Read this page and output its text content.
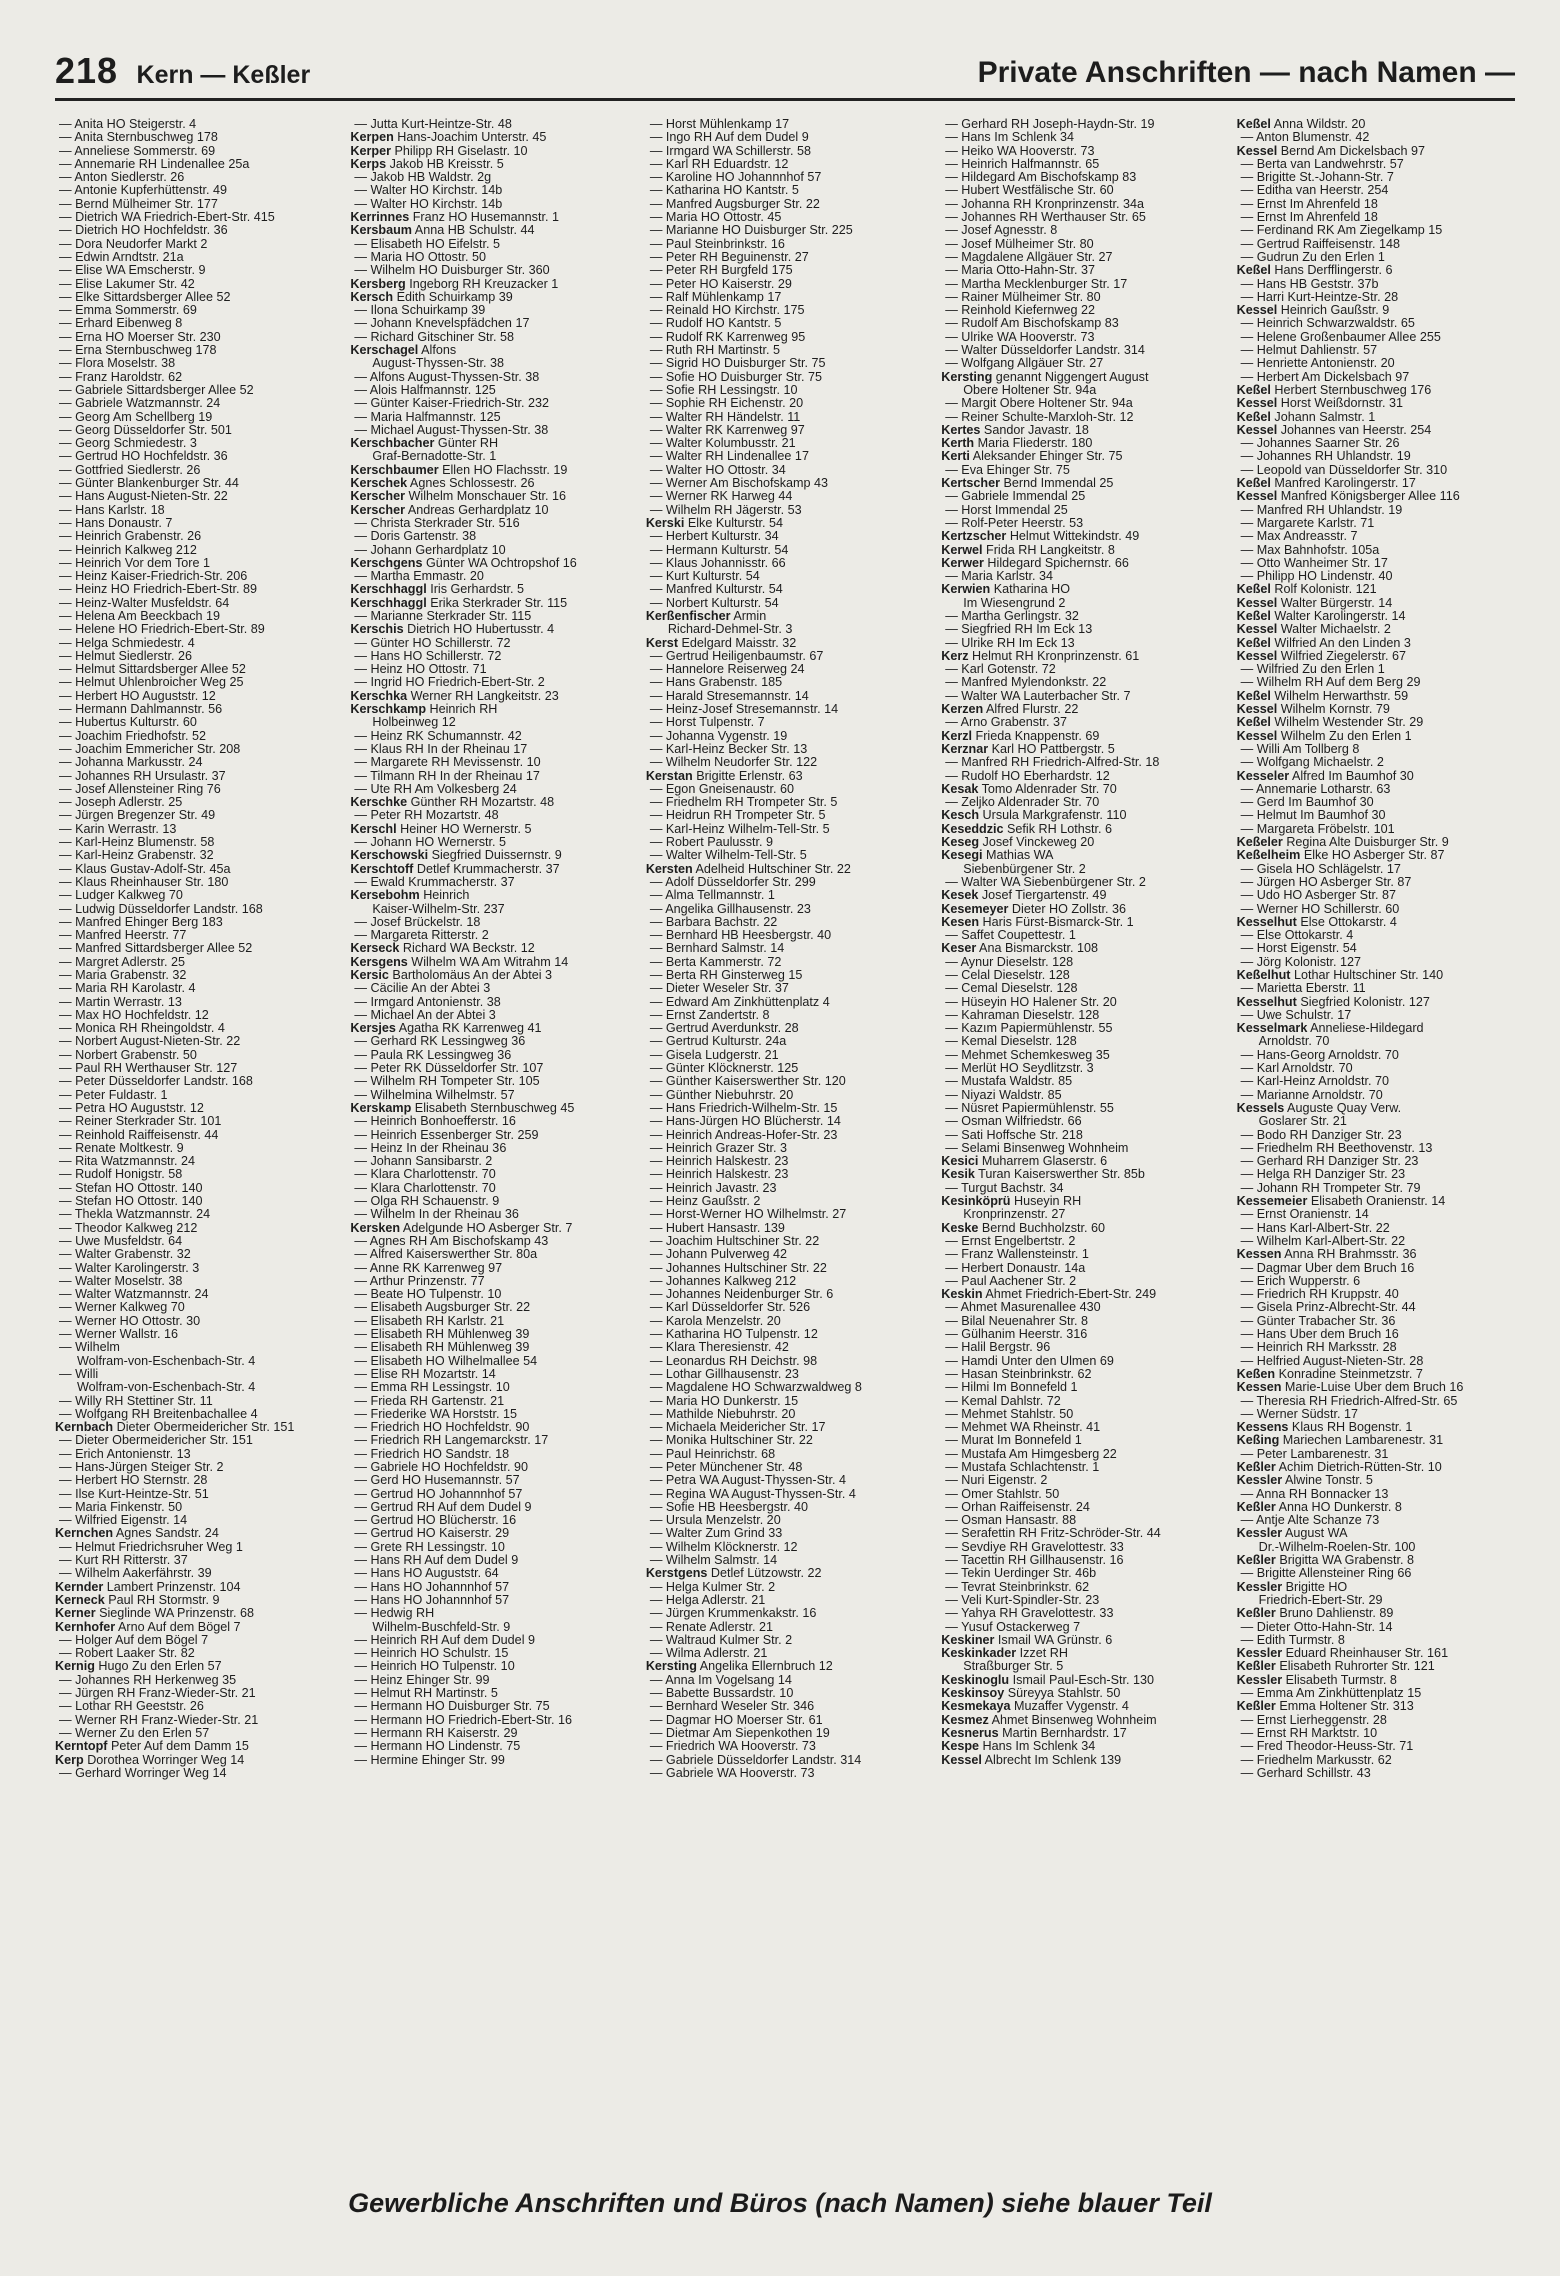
218 Kern — Keßler	Private Anschriften — nach Namen —
— Anita HO Steigerstr. 4
— Anita Sternbuschweg 178
— Anneliese Sommerstr. 69
— Annemarie RH Lindenallee 25a
— Anton Siedlerstr. 26
— Antonie Kupferhüttenstr. 49
— Bernd Mülheimer Str. 177
— Dietrich WA Friedrich-Ebert-Str. 415
— Dietrich HO Hochfeldstr. 36
— Dora Neudorfer Markt 2
— Edwin Arndtstr. 21a
— Elise WA Emscherstr. 9
— Elise Lakumer Str. 42
— Elke Sittardsberger Allee 52
— Emma Sommerstr. 69
— Erhard Eibenweg 8
— Erna HO Moerser Str. 230
— Erna Sternbuschweg 178
— Flora Moselstr. 38
— Franz Haroldstr. 62
— Gabriele Sittardsberger Allee 52
— Gabriele Watzmannstr. 24
— Georg Am Schellberg 19
— Georg Düsseldorfer Str. 501
— Georg Schmiedestr. 3
— Gertrud HO Hochfeldstr. 36
— Gottfried Siedlerstr. 26
— Günter Blankenburger Str. 44
— Hans August-Nieten-Str. 22
— Hans Karlstr. 18
— Hans Donaustr. 7
— Heinrich Grabenstr. 26
— Heinrich Kalkweg 212
— Heinrich Vor dem Tore 1
— Heinz Kaiser-Friedrich-Str. 206
— Heinz HO Friedrich-Ebert-Str. 89
— Heinz-Walter Musfeldstr. 64
— Helena Am Beeckbach 19
— Helene HO Friedrich-Ebert-Str. 89
— Helga Schmiedestr. 4
— Helmut Siedlerstr. 26
— Helmut Sittardsberger Allee 52
— Helmut Uhlenbroicher Weg 25
— Herbert HO Auguststr. 12
— Hermann Dahlmannstr. 56
— Hubertus Kulturstr. 60
— Joachim Friedhofstr. 52
— Joachim Emmericher Str. 208
— Johanna Markusstr. 24
— Johannes RH Ursulastr. 37
— Josef Allensteiner Ring 76
— Joseph Adlerstr. 25
— Jürgen Bregenzer Str. 49
— Karin Werrastr. 13
— Karl-Heinz Blumenstr. 58
— Karl-Heinz Grabenstr. 32
— Klaus Gustav-Adolf-Str. 45a
— Klaus Rheinhauser Str. 180
— Ludger Kalkweg 70
— Ludwig Düsseldorfer Landstr. 168
— Manfred Ehinger Berg 183
— Manfred Heerstr. 77
— Manfred Sittardsberger Allee 52
— Margret Adlerstr. 25
— Maria Grabenstr. 32
— Maria RH Karolastr. 4
— Martin Werrastr. 13
— Max HO Hochfeldstr. 12
— Monica RH Rheingoldstr. 4
— Norbert August-Nieten-Str. 22
— Norbert Grabenstr. 50
— Paul RH Werthauser Str. 127
— Peter Düsseldorfer Landstr. 168
— Peter Fuldastr. 1
— Petra HO Auguststr. 12
— Reiner Sterkrader Str. 101
— Reinhold Raiffeisenstr. 44
— Renate Moltkestr. 9
— Rita Watzmannstr. 24
— Rudolf Honigstr. 58
— Stefan HO Ottostr. 140
— Stefan HO Ottostr. 140
— Thekla Watzmannstr. 24
— Theodor Kalkweg 212
— Uwe Musfeldstr. 64
— Walter Grabenstr. 32
— Walter Karolingerstr. 3
— Walter Moselstr. 38
— Walter Watzmannstr. 24
— Werner Kalkweg 70
— Werner HO Ottostr. 30
— Werner Wallstr. 16
— Wilhelm
Wolfram-von-Eschenbach-Str. 4
— Willi
Wolfram-von-Eschenbach-Str. 4
— Willy RH Stettiner Str. 11
— Wolfgang RH Breitenbachallee 4
Kernbach Dieter Obermeidericher Str. 151
— Dieter Obermeidericher Str. 151
— Erich Antonienstr. 13
— Hans-Jürgen Steiger Str. 2
— Herbert HO Sternstr. 28
— Ilse Kurt-Heintze-Str. 51
— Maria Finkenstr. 50
— Wilfried Eigenstr. 14
Kernchen Agnes Sandstr. 24
— Helmut Friedrichsruher Weg 1
— Kurt RH Ritterstr. 37
— Wilhelm Aakerfährstr. 39
Kernder Lambert Prinzenstr. 104
Kerneck Paul RH Stormstr. 9
Kerner Sieglinde WA Prinzenstr. 68
Kernhofer Arno Auf dem Bögel 7
— Holger Auf dem Bögel 7
— Robert Laaker Str. 82
Kernig Hugo Zu den Erlen 57
— Johannes RH Herkenweg 35
— Jürgen RH Franz-Wieder-Str. 21
— Lothar RH Geeststr. 26
— Werner RH Franz-Wieder-Str. 21
— Werner Zu den Erlen 57
Kerntopf Peter Auf dem Damm 15
Kerp Dorothea Worringer Weg 14
— Gerhard Worringer Weg 14
— Jutta Kurt-Heintze-Str. 48
Kerpen Hans-Joachim Unterstr. 45
Kerper Philipp RH Giselastr. 10
Kerps Jakob HB Kreisstr. 5
— Jakob HB Waldstr. 2g
— Walter HO Kirchstr. 14b
— Walter HO Kirchstr. 14b
Kerrinnes Franz HO Husemannstr. 1
Kersbaum Anna HB Schulstr. 44
— Elisabeth HO Eifelstr. 5
— Maria HO Ottostr. 50
— Wilhelm HO Duisburger Str. 360
Kersberg Ingeborg RH Kreuzacker 1
Kersch Edith Schuirkamp 39
— Ilona Schuirkamp 39
— Johann Knevelspfädchen 17
— Richard Gitschiner Str. 58
Kerschagel Alfons
August-Thyssen-Str. 38
— Alfons August-Thyssen-Str. 38
— Alois Halfmannstr. 125
— Günter Kaiser-Friedrich-Str. 232
— Maria Halfmannstr. 125
— Michael August-Thyssen-Str. 38
Kerschbacher Günter RH
Graf-Bernadotte-Str. 1
Kerschbaumer Ellen HO Flachsstr. 19
Kerschek Agnes Schlossestr. 26
Kerscher Wilhelm Monschauer Str. 16
Kerscher Andreas Gerhardplatz 10
— Christa Sterkrader Str. 516
— Doris Gartenstr. 38
— Johann Gerhardplatz 10
Kerschgens Günter WA Ochtropshof 16
— Martha Emmastr. 20
Kerschhaggl Iris Gerhardstr. 5
Kerschhaggl Erika Sterkrader Str. 115
— Marianne Sterkrader Str. 115
Kerschis Dietrich HO Hubertusstr. 4
— Günter HO Schillerstr. 72
— Hans HO Schillerstr. 72
— Heinz HO Ottostr. 71
— Ingrid HO Friedrich-Ebert-Str. 2
Kerschka Werner RH Langkeitstr. 23
Kerschkamp Heinrich RH
Holbeinweg 12
— Heinz RK Schumannstr. 42
— Klaus RH In der Rheinau 17
— Margarete RH Mevissenstr. 10
— Tilmann RH In der Rheinau 17
— Ute RH Am Volkesberg 24
Kerschke Günther RH Mozartstr. 48
— Peter RH Mozartstr. 48
Kerschl Heiner HO Wernerstr. 5
— Johann HO Wernerstr. 5
Kerschowski Siegfried Duissernstr. 9
Kerschtoff Detlef Krummacherstr. 37
— Ewald Krummacherstr. 37
Kersebohm Heinrich
Kaiser-Wilhelm-Str. 237
— Josef Brückelstr. 18
— Margareta Ritterstr. 2
Kerseck Richard WA Beckstr. 12
Kersgens Wilhelm WA Am Witrahm 14
Kersic Bartholomäus An der Abtei 3
— Cäcilie An der Abtei 3
— Irmgard Antonienstr. 38
— Michael An der Abtei 3
Kersjes Agatha RK Karrenweg 41
— Gerhard RK Lessingweg 36
— Paula RK Lessingweg 36
— Peter RK Düsseldorfer Str. 107
— Wilhelm RH Tompeter Str. 105
— Wilhelmina Wilhelmstr. 57
Kerskamp Elisabeth Sternbuschweg 45
— Heinrich Bonhoefferstr. 16
— Heinrich Essenberger Str. 259
— Heinz In der Rheinau 36
— Johann Sansibarstr. 2
— Klara Charlottenstr. 70
— Klara Charlottenstr. 70
— Olga RH Schauenstr. 9
— Wilhelm In der Rheinau 36
Kersken Adelgunde HO Asberger Str. 7
— Agnes RH Am Bischofskamp 43
— Alfred Kaiserswerther Str. 80a
— Anne RK Karrenweg 97
— Arthur Prinzenstr. 77
— Beate HO Tulpenstr. 10
— Elisabeth Augsburger Str. 22
— Elisabeth RH Karlstr. 21
— Elisabeth RH Mühlenweg 39
— Elisabeth RH Mühlenweg 39
— Elisabeth HO Wilhelmallee 54
— Elise RH Mozartstr. 14
— Emma RH Lessingstr. 10
— Frieda RH Gartenstr. 21
— Friederike WA Horststr. 15
— Friedrich HO Hochfeldstr. 90
— Friedrich RH Langemarckstr. 17
— Friedrich HO Sandstr. 18
— Gabriele HO Hochfeldstr. 90
— Gerd HO Husemannstr. 57
— Gertrud HO Johannnhof 57
— Gertrud RH Auf dem Dudel 9
— Gertrud HO Blücherstr. 16
— Gertrud HO Kaiserstr. 29
— Grete RH Lessingstr. 10
— Hans RH Auf dem Dudel 9
— Hans HO Auguststr. 64
— Hans HO Johannnhof 57
— Hans HO Johannnhof 57
— Hedwig RH
Wilhelm-Buschfeld-Str. 9
— Heinrich RH Auf dem Dudel 9
— Heinrich HO Schulstr. 15
— Heinrich HO Tulpenstr. 10
— Heinz Ehinger Str. 99
— Helmut RH Martinstr. 5
— Hermann HO Duisburger Str. 75
— Hermann HO Friedrich-Ebert-Str. 16
— Hermann RH Kaiserstr. 29
— Hermann HO Lindenstr. 75
— Hermine Ehinger Str. 99
— Horst Mühlenkamp 17
— Ingo RH Auf dem Dudel 9
— Irmgard WA Schillerstr. 58
— Karl RH Eduardstr. 12
— Karoline HO Johannnhof 57
— Katharina HO Kantstr. 5
— Manfred Augsburger Str. 22
— Maria HO Ottostr. 45
— Marianne HO Duisburger Str. 225
— Paul Steinbrinkstr. 16
— Peter RH Beguinenstr. 27
— Peter RH Burgfeld 175
— Peter HO Kaiserstr. 29
— Ralf Mühlenkamp 17
— Reinald HO Kirchstr. 175
— Rudolf HO Kantstr. 5
— Rudolf RK Karrenweg 95
— Ruth RH Martinstr. 5
— Sigrid HO Duisburger Str. 75
— Sofie HO Duisburger Str. 75
— Sofie RH Lessingstr. 10
— Sophie RH Eichenstr. 20
— Walter RH Händelstr. 11
— Walter RK Karrenweg 97
— Walter Kolumbusstr. 21
— Walter RH Lindenallee 17
— Walter HO Ottostr. 34
— Werner Am Bischofskamp 43
— Werner RK Harweg 44
— Wilhelm RH Jägerstr. 53
Kerski Elke Kulturstr. 54
— Herbert Kulturstr. 34
— Hermann Kulturstr. 54
— Klaus Johannisstr. 66
— Kurt Kulturstr. 54
— Manfred Kulturstr. 54
— Norbert Kulturstr. 54
Kerßenfischer Armin
Richard-Dehmel-Str. 3
Kerst Edelgard Maisstr. 32
— Gertrud Heiligenbaumstr. 67
— Hannelore Reiserweg 24
— Hans Grabenstr. 185
— Harald Stresemannstr. 14
— Heinz-Josef Stresemannstr. 14
— Horst Tulpenstr. 7
— Johanna Vygenstr. 19
— Karl-Heinz Becker Str. 13
— Wilhelm Neudorfer Str. 122
Kerstan Brigitte Erlenstr. 63
— Egon Gneisenaustr. 60
— Friedhelm RH Trompeter Str. 5
— Heidrun RH Trompeter Str. 5
— Karl-Heinz Wilhelm-Tell-Str. 5
— Robert Paulusstr. 9
— Walter Wilhelm-Tell-Str. 5
Kersten Adelheid Hultschiner Str. 22
— Adolf Düsseldorfer Str. 299
— Alma Tellmannstr. 1
— Angelika Gillhausenstr. 23
— Barbara Bachstr. 22
— Bernhard HB Heesbergstr. 40
— Bernhard Salmstr. 14
— Berta Kammerstr. 72
— Berta RH Ginsterweg 15
— Dieter Weseler Str. 37
— Edward Am Zinkhüttenplatz 4
— Ernst Zandertstr. 8
— Gertrud Averdunkstr. 28
— Gertrud Kulturstr. 24a
— Gisela Ludgerstr. 21
— Günter Klöcknerstr. 125
— Günther Kaiserswerther Str. 120
— Günther Niebuhrstr. 20
— Hans Friedrich-Wilhelm-Str. 15
— Hans-Jürgen HO Blücherstr. 14
— Heinrich Andreas-Hofer-Str. 23
— Heinrich Grazer Str. 3
— Heinrich Halskestr. 23
— Heinrich Halskestr. 23
— Heinrich Javastr. 23
— Heinz Gaußstr. 2
— Horst-Werner HO Wilhelmstr. 27
— Hubert Hansastr. 139
— Joachim Hultschiner Str. 22
— Johann Pulverweg 42
— Johannes Hultschiner Str. 22
— Johannes Kalkweg 212
— Johannes Neidenburger Str. 6
— Karl Düsseldorfer Str. 526
— Karola Menzelstr. 20
— Katharina HO Tulpenstr. 12
— Klara Theresienstr. 42
— Leonardus RH Deichstr. 98
— Lothar Gillhausenstr. 23
— Magdalene HO Schwarzwaldweg 8
— Maria HO Dunkerstr. 15
— Mathilde Niebuhrstr. 20
— Michaela Meidericher Str. 17
— Monika Hultschiner Str. 22
— Paul Heinrichstr. 68
— Peter Münchener Str. 48
— Petra WA August-Thyssen-Str. 4
— Regina WA August-Thyssen-Str. 4
— Sofie HB Heesbergstr. 40
— Ursula Menzelstr. 20
— Walter Zum Grind 33
— Wilhelm Klöcknerstr. 12
— Wilhelm Salmstr. 14
Kerstgens Detlef Lützowstr. 22
— Helga Kulmer Str. 2
— Helga Adlerstr. 21
— Jürgen Krummenkakstr. 16
— Renate Adlerstr. 21
— Waltraud Kulmer Str. 2
— Wilma Adlerstr. 21
Kersting Angelika Ellernbruch 12
— Anna Im Vogelsang 14
— Babette Bussardstr. 10
— Bernhard Weseler Str. 346
— Dagmar HO Moerser Str. 61
— Dietmar Am Siepenkothen 19
— Friedrich WA Hooverstr. 73
— Gabriele Düsseldorfer Landstr. 314
— Gabriele WA Hooverstr. 73
— Gerhard RH Joseph-Haydn-Str. 19
— Hans Im Schlenk 34
— Heiko WA Hooverstr. 73
— Heinrich Halfmannstr. 65
— Hildegard Am Bischofskamp 83
— Hubert Westfälische Str. 60
— Johanna RH Kronprinzenstr. 34a
— Johannes RH Werthauser Str. 65
— Josef Agnesstr. 8
— Josef Mülheimer Str. 80
— Magdalene Allgäuer Str. 27
— Maria Otto-Hahn-Str. 37
— Martha Mecklenburger Str. 17
— Rainer Mülheimer Str. 80
— Reinhold Kiefernweg 22
— Rudolf Am Bischofskamp 83
— Ulrike WA Hooverstr. 73
— Walter Düsseldorfer Landstr. 314
— Wolfgang Allgäuer Str. 27
Kersting genannt Niggengert August
Obere Holtener Str. 94a
— Margit Obere Holtener Str. 94a
— Reiner Schulte-Marxloh-Str. 12
Kertes Sandor Javastr. 18
Kerth Maria Fliederstr. 180
Kerti Aleksander Ehinger Str. 75
— Eva Ehinger Str. 75
Kertscher Bernd Immendal 25
— Gabriele Immendal 25
— Horst Immendal 25
— Rolf-Peter Heerstr. 53
Kertzscher Helmut Wittekindstr. 49
Kerwel Frida RH Langkeitstr. 8
Kerwer Hildegard Spichernstr. 66
— Maria Karlstr. 34
Kerwien Katharina HO
Im Wiesengrund 2
— Martha Gerlingstr. 32
— Siegfried RH Im Eck 13
— Ulrike RH Im Eck 13
Kerz Helmut RH Kronprinzenstr. 61
— Karl Gotenstr. 72
— Manfred Mylendonkstr. 22
— Walter WA Lauterbacher Str. 7
Kerzen Alfred Flurstr. 22
— Arno Grabenstr. 37
Kerzl Frieda Knappenstr. 69
Kerznar Karl HO Pattbergstr. 5
— Manfred RH Friedrich-Alfred-Str. 18
— Rudolf HO Eberhardstr. 12
Kesak Tomo Aldenrader Str. 70
— Zeljko Aldenrader Str. 70
Kesch Ursula Markgrafenstr. 110
Keseddzic Sefik RH Lothstr. 6
Keseg Josef Vinckeweg 20
Kesegi Mathias WA
Siebenbürgener Str. 2
— Walter WA Siebenbürgener Str. 2
Kesek Josef Tiergartenstr. 49
Kesemeyer Dieter HO Zollstr. 36
Kesen Haris Fürst-Bismarck-Str. 1
— Saffet Coupettestr. 1
Keser Ana Bismarckstr. 108
— Aynur Dieselstr. 128
— Celal Dieselstr. 128
— Cemal Dieselstr. 128
— Hüseyin HO Halener Str. 20
— Kahraman Dieselstr. 128
— Kazım Papiermühlenstr. 55
— Kemal Dieselstr. 128
— Mehmet Schemkesweg 35
— Merlüt HO Seydlitzstr. 3
— Mustafa Waldstr. 85
— Niyazi Waldstr. 85
— Nüsret Papiermühlenstr. 55
— Osman Wilfriedstr. 66
— Sati Hoffsche Str. 218
— Selami Binsenweg Wohnheim
Kesici Muharrem Glaserstr. 6
Kesik Turan Kaiserswerther Str. 85b
— Turgut Bachstr. 34
Kesinköprü Huseyin RH
Kronprinzenstr. 27
Keske Bernd Buchholzstr. 60
— Ernst Engelbertstr. 2
— Franz Wallensteinstr. 1
— Herbert Donaustr. 14a
— Paul Aachener Str. 2
Keskin Ahmet Friedrich-Ebert-Str. 249
— Ahmet Masurenallee 430
— Bilal Neuenahrer Str. 8
— Gülhanim Heerstr. 316
— Halil Bergstr. 96
— Hamdi Unter den Ulmen 69
— Hasan Steinbrinkstr. 62
— Hilmi Im Bonnefeld 1
— Kemal Dahlstr. 72
— Mehmet Stahlstr. 50
— Mehmet WA Rheinstr. 41
— Murat Im Bonnefeld 1
— Mustafa Am Himgesberg 22
— Mustafa Schlachtenstr. 1
— Nuri Eigenstr. 2
— Ömer Stahlstr. 50
— Orhan Raiffeisenstr. 24
— Osman Hansastr. 88
— Serafettin RH Fritz-Schröder-Str. 44
— Sevdiye RH Gravelottestr. 33
— Tacettin RH Gillhausenstr. 16
— Tekin Uerdinger Str. 46b
— Tevrat Steinbrinkstr. 62
— Veli Kurt-Spindler-Str. 23
— Yahya RH Gravelottestr. 33
— Yusuf Ostackerweg 7
Keskiner Ismail WA Grünstr. 6
Keskinkader Izzet RH
Straßburger Str. 5
Keskinoglu Ismail Paul-Esch-Str. 130
Keskinsoy Süreyya Stahlstr. 50
Kesmekaya Muzaffer Vygenstr. 4
Kesmez Ahmet Binsenweg Wohnheim
Kesnerus Martin Bernhardstr. 17
Kespe Hans Im Schlenk 34
Kessel Albrecht Im Schlenk 139
Keßel Anna Wildstr. 20
— Anton Blumenstr. 42
Kessel Bernd Am Dickelsbach 97
— Berta van Landwehrstr. 57
— Brigitte St.-Johann-Str. 7
— Editha van Heerstr. 254
— Ernst Im Ahrenfeld 18
— Ernst Im Ahrenfeld 18
— Ferdinand RK Am Ziegelkamp 15
— Gertrud Raiffeisenstr. 148
— Gudrun Zu den Erlen 1
Keßel Hans Derfflingerstr. 6
— Hans HB Geststr. 37b
— Harri Kurt-Heintze-Str. 28
Kessel Heinrich Gaußstr. 9
— Heinrich Schwarzwaldstr. 65
— Helene Großenbaumer Allee 255
— Helmut Dahlienstr. 57
— Henriette Antonienstr. 20
— Herbert Am Dickelsbach 97
Keßel Herbert Sternbuschweg 176
Kessel Horst Weißdornstr. 31
Keßel Johann Salmstr. 1
Kessel Johannes van Heerstr. 254
— Johannes Saarner Str. 26
— Johannes RH Uhlandstr. 19
— Leopold van Düsseldorfer Str. 310
Keßel Manfred Karolingerstr. 17
Kessel Manfred Königsberger Allee 116
— Manfred RH Uhlandstr. 19
— Margarete Karlstr. 71
— Max Andreasstr. 7
— Max Bahnhofstr. 105a
— Otto Wanheimer Str. 17
— Philipp HO Lindenstr. 40
Keßel Rolf Kolonistr. 121
Kessel Walter Bürgerstr. 14
Keßel Walter Karolingerstr. 14
Kessel Walter Michaelstr. 2
Keßel Wilfried An den Linden 3
Kessel Wilfried Ziegelerstr. 67
— Wilfried Zu den Erlen 1
— Wilhelm RH Auf dem Berg 29
Keßel Wilhelm Herwarthstr. 59
Kessel Wilhelm Kornstr. 79
Keßel Wilhelm Westender Str. 29
Kessel Wilhelm Zu den Erlen 1
— Willi Am Tollberg 8
— Wolfgang Michaelstr. 2
Kesseler Alfred Im Baumhof 30
— Annemarie Lotharstr. 63
— Gerd Im Baumhof 30
— Helmut Im Baumhof 30
— Margareta Fröbelstr. 101
Keßeler Regina Alte Duisburger Str. 9
Keßelheim Elke HO Asberger Str. 87
— Gisela HO Schlägelstr. 17
— Jürgen HO Asberger Str. 87
— Udo HO Asberger Str. 87
— Werner HO Schillerstr. 60
Kesselhut Else Ottokarstr. 4
— Else Ottokarstr. 4
— Horst Eigenstr. 54
— Jörg Kolonistr. 127
Keßelhut Lothar Hultschiner Str. 140
— Marietta Eberstr. 11
Kesselhut Siegfried Kolonistr. 127
— Uwe Schulstr. 17
Kesselmark Anneliese-Hildegard
Arnoldstr. 70
— Hans-Georg Arnoldstr. 70
— Karl Arnoldstr. 70
— Karl-Heinz Arnoldstr. 70
— Marianne Arnoldstr. 70
Kessels Auguste Quay Verw.
Goslarer Str. 21
— Bodo RH Danziger Str. 23
— Friedhelm RH Beethovenstr. 13
— Gerhard RH Danziger Str. 23
— Helga RH Danziger Str. 23
— Johann RH Trompeter Str. 79
Kessemeier Elisabeth Oranienstr. 14
— Ernst Oranienstr. 14
— Hans Karl-Albert-Str. 22
— Wilhelm Karl-Albert-Str. 22
Kessen Anna RH Brahmsstr. 36
— Dagmar Über dem Bruch 16
— Erich Wupperstr. 6
— Friedrich RH Kruppstr. 40
— Gisela Prinz-Albrecht-Str. 44
— Günter Trabacher Str. 36
— Hans Über dem Bruch 16
— Heinrich RH Marksstr. 28
— Helfried August-Nieten-Str. 28
Keßen Konradine Steinmetzstr. 7
Kessen Marie-Luise Über dem Bruch 16
— Theresia RH Friedrich-Alfred-Str. 65
— Werner Südstr. 17
Kessens Klaus RH Bogenstr. 1
Keßing Mariechen Lambarenestr. 31
— Peter Lambarenestr. 31
Keßler Achim Dietrich-Rütten-Str. 10
Kessler Alwine Tonstr. 5
— Anna RH Bonnacker 13
Keßler Anna HO Dunkerstr. 8
— Antje Alte Schanze 73
Kessler August WA
Dr.-Wilhelm-Roelen-Str. 100
Keßler Brigitta WA Grabenstr. 8
— Brigitte Allensteiner Ring 66
Kessler Brigitte HO
Friedrich-Ebert-Str. 29
Keßler Bruno Dahlienstr. 89
— Dieter Otto-Hahn-Str. 14
— Edith Turmstr. 8
Kessler Eduard Rheinhauser Str. 161
Keßler Elisabeth Ruhrorter Str. 121
Kessler Elisabeth Turmstr. 8
— Emma Am Zinkhüttenplatz 15
Keßler Emma Holtener Str. 313
— Ernst Lierheggenstr. 28
— Ernst RH Marktstr. 10
— Fred Theodor-Heuss-Str. 71
— Friedhelm Markusstr. 62
— Gerhard Schillstr. 43
Gewerbliche Anschriften und Büros (nach Namen) siehe blauer Teil
